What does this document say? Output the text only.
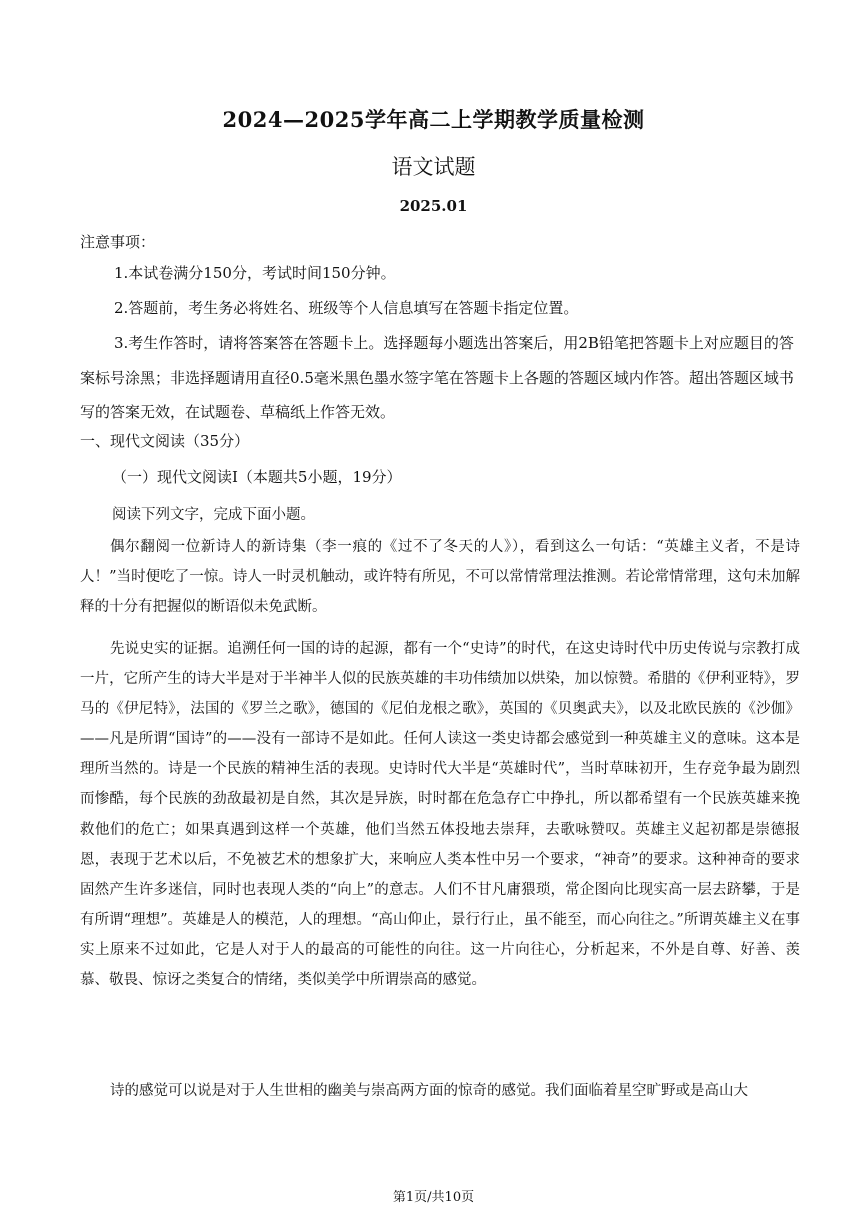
2024—2025学年高二上学期教学质量检测
语文试题
2025.01
注意事项：
1.本试卷满分150分，考试时间150分钟。
2.答题前，考生务必将姓名、班级等个人信息填写在答题卡指定位置。
3.考生作答时，请将答案答在答题卡上。选择题每小题选出答案后，用2B铅笔把答题卡上对应题目的答案标号涂黑；非选择题请用直径0.5毫米黑色墨水签字笔在答题卡上各题的答题区域内作答。超出答题区域书写的答案无效，在试题卷、草稿纸上作答无效。
一、现代文阅读（35分）
（一）现代文阅读Ⅰ（本题共5小题，19分）
阅读下列文字，完成下面小题。
偶尔翻阅一位新诗人的新诗集（李一痕的《过不了冬天的人》），看到这么一句话：“英雄主义者，不是诗人！”当时便吃了一惊。诗人一时灵机触动，或许特有所见，不可以常情常理法推测。若论常情常理，这句未加解释的十分有把握似的断语似未免武断。
先说史实的证据。追溯任何一国的诗的起源，都有一个“史诗”的时代，在这史诗时代中历史传说与宗教打成一片，它所产生的诗大半是对于半神半人似的民族英雄的丰功伟绩加以烘染，加以惊赞。希腊的《伊利亚特》，罗马的《伊尼特》，法国的《罗兰之歌》，德国的《尼伯龙根之歌》，英国的《贝奥武夫》，以及北欧民族的《沙伽》——凡是所谓“国诗”的——没有一部诗不是如此。任何人读这一类史诗都会感觉到一种英雄主义的意味。这本是理所当然的。诗是一个民族的精神生活的表现。史诗时代大半是“英雄时代”，当时草昧初开，生存竞争最为剧烈而惨酷，每个民族的劲敌最初是自然，其次是异族，时时都在危急存亡中挣扎，所以都希望有一个民族英雄来挽救他们的危亡；如果真遇到这样一个英雄，他们当然五体投地去崇拜，去歌咏赞叹。英雄主义起初都是崇德报恩，表现于艺术以后，不免被艺术的想象扩大，来响应人类本性中另一个要求，“神奇”的要求。这种神奇的要求固然产生许多迷信，同时也表现人类的“向上”的意志。人们不甘凡庸猥琐，常企图向比现实高一层去跻攀，于是有所谓“理想”。英雄是人的模范，人的理想。“高山仰止，景行行止，虽不能至，而心向往之。”所谓英雄主义在事实上原来不过如此，它是人对于人的最高的可能性的向往。这一片向往心，分析起来，不外是自尊、好善、羡慕、敬畏、惊讶之类复合的情绪，类似美学中所谓崇高的感觉。
诗的感觉可以说是对于人生世相的幽美与崇高两方面的惊奇的感觉。我们面临着星空旷野或是高山大
第1页/共10页
